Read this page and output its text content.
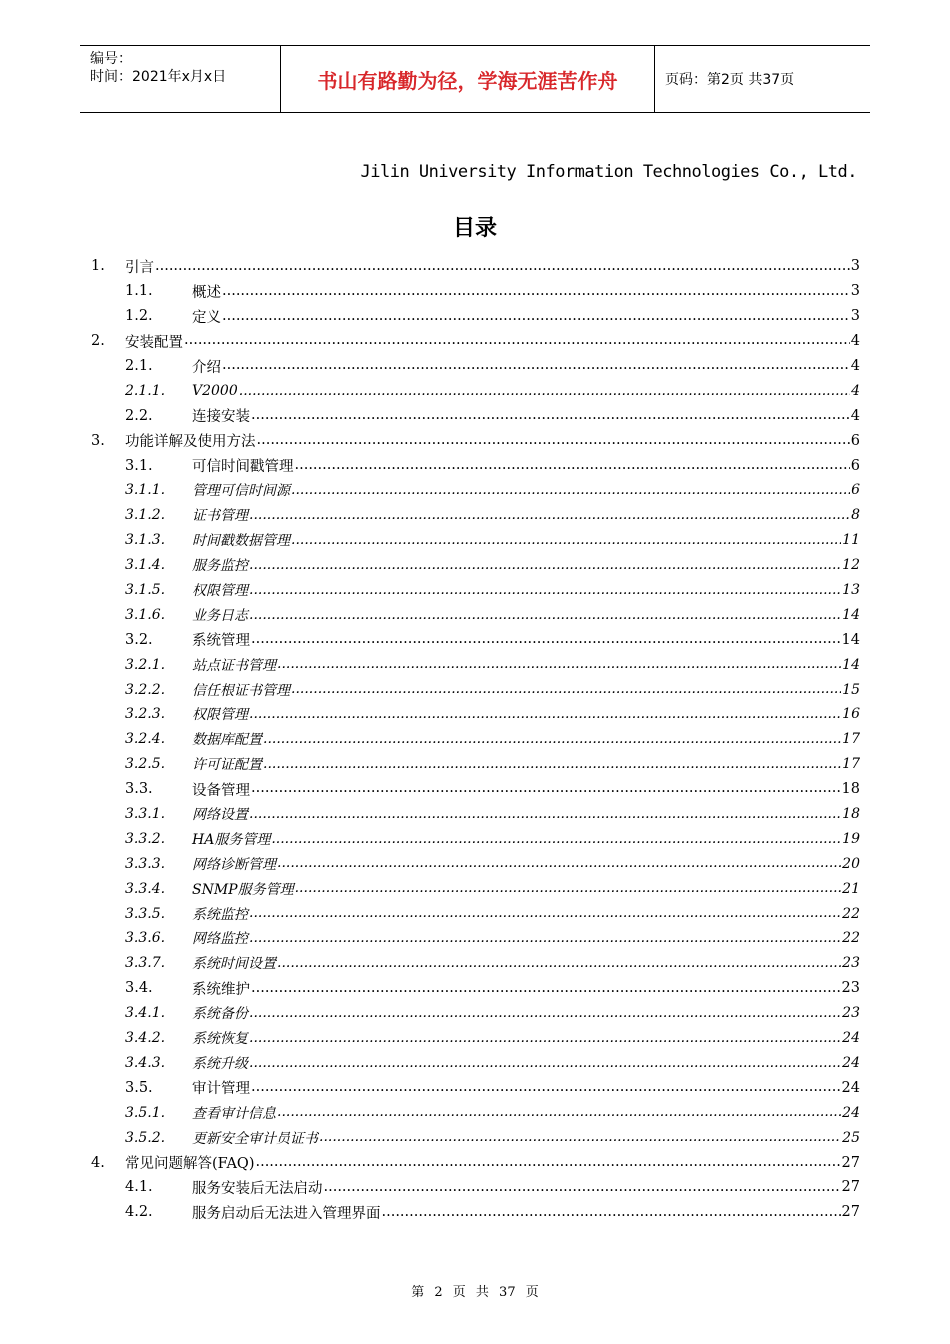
编号：
时间：2021年x月x日	书山有路勤为径，学海无涯苦作舟	页码：第2页 共37页
Jilin University Information Technologies Co., Ltd.
目录
1.	引言 .....	3
1.1.	概述 .....	3
1.2.	定义 .....	3
2.	安装配置 .....	4
2.1.	介绍 .....	4
2.1.1.	V2000 .....	4
2.2.	连接安装 .....	4
3.	功能详解及使用方法 .....	6
3.1.	可信时间戳管理 .....	6
3.1.1.	管理可信时间源 .....	6
3.1.2.	证书管理 .....	8
3.1.3.	时间戳数据管理 .....	11
3.1.4.	服务监控 .....	12
3.1.5.	权限管理 .....	13
3.1.6.	业务日志 .....	14
3.2.	系统管理 .....	14
3.2.1.	站点证书管理 .....	14
3.2.2.	信任根证书管理 .....	15
3.2.3.	权限管理 .....	16
3.2.4.	数据库配置 .....	17
3.2.5.	许可证配置 .....	17
3.3.	设备管理 .....	18
3.3.1.	网络设置 .....	18
3.3.2.	HA服务管理 .....	19
3.3.3.	网络诊断管理 .....	20
3.3.4.	SNMP服务管理 .....	21
3.3.5.	系统监控 .....	22
3.3.6.	网络监控 .....	22
3.3.7.	系统时间设置 .....	23
3.4.	系统维护 .....	23
3.4.1.	系统备份 .....	23
3.4.2.	系统恢复 .....	24
3.4.3.	系统升级 .....	24
3.5.	审计管理 .....	24
3.5.1.	查看审计信息 .....	24
3.5.2.	更新安全审计员证书 .....	25
4.	常见问题解答(FAQ) .....	27
4.1.	服务安装后无法启动 .....	27
4.2.	服务启动后无法进入管理界面 .....	27
第 2 页 共 37 页
